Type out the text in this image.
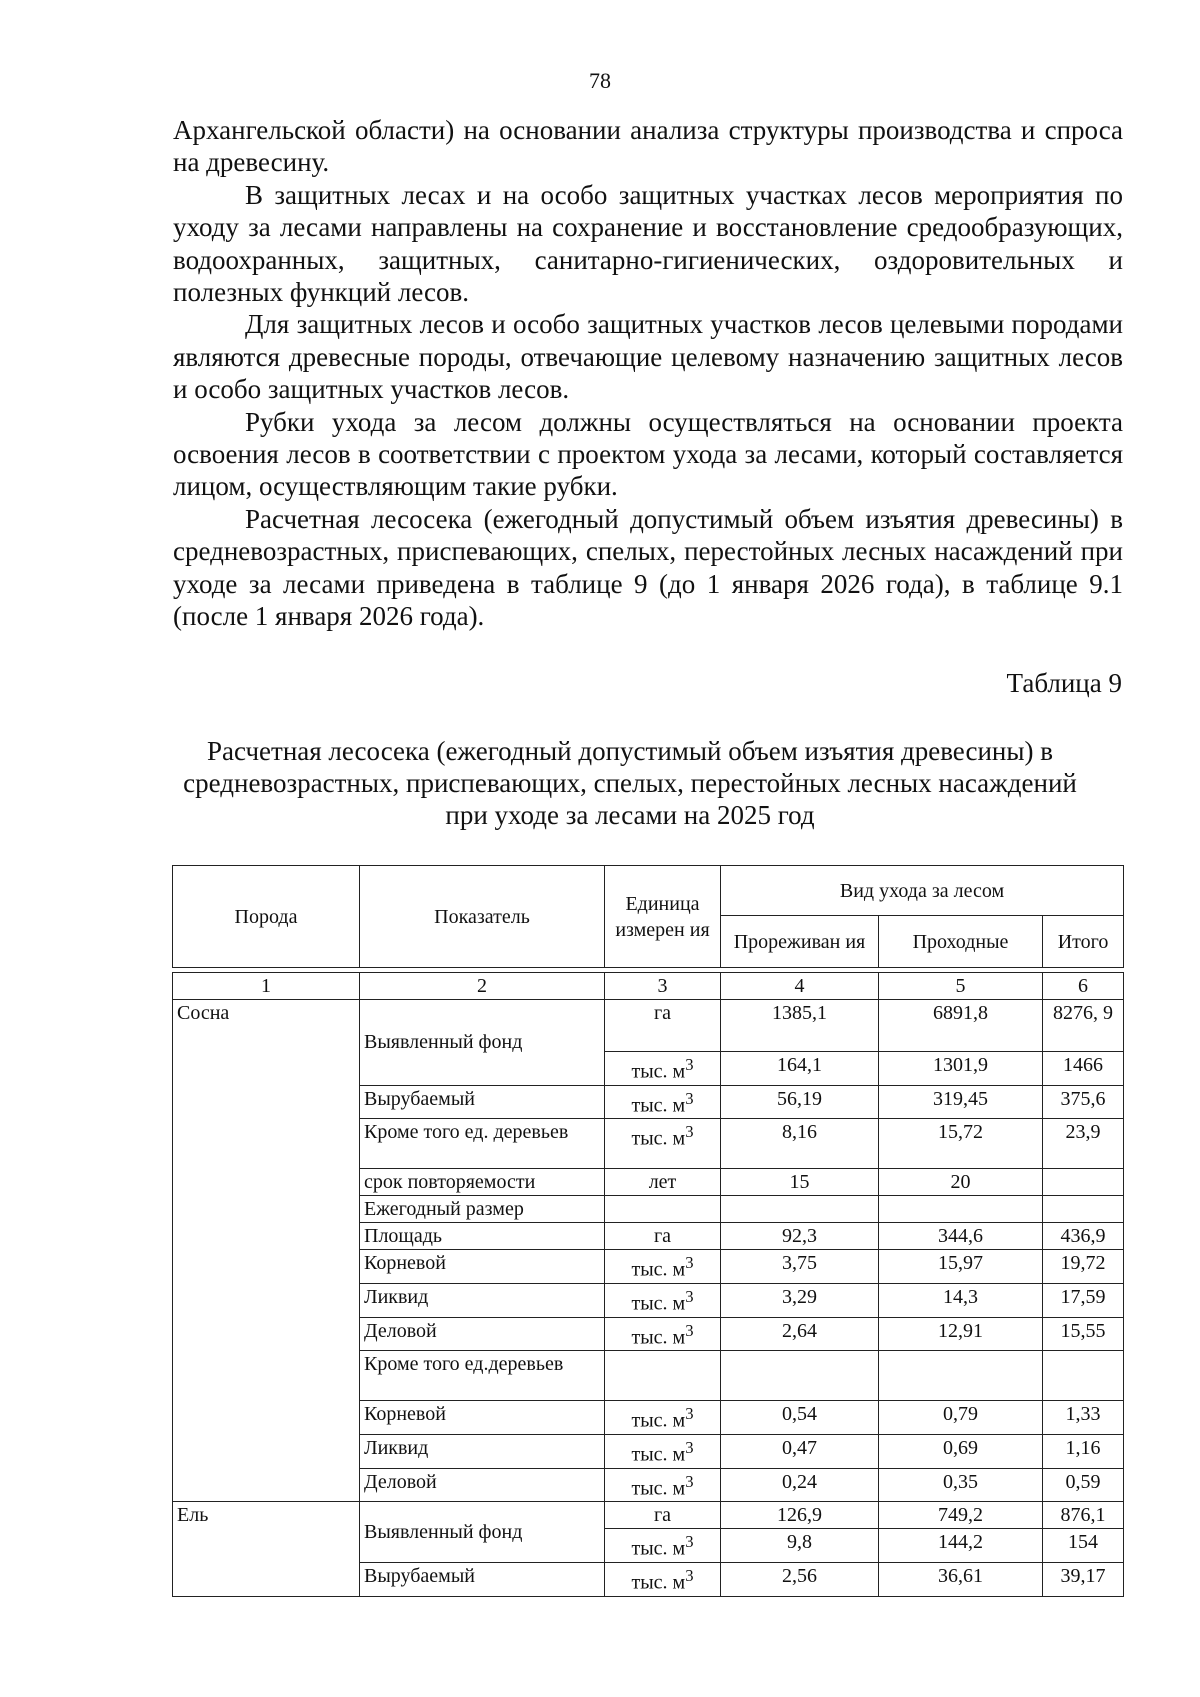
78

Архангельской области) на основании анализа структуры производства и спроса на древесину.

В защитных лесах и на особо защитных участках лесов мероприятия по уходу за лесами направлены на сохранение и восстановление средообразующих, водоохранных, защитных, санитарно-гигиенических, оздоровительных и полезных функций лесов.

Для защитных лесов и особо защитных участков лесов целевыми породами являются древесные породы, отвечающие целевому назначению защитных лесов и особо защитных участков лесов.

Рубки ухода за лесом должны осуществляться на основании проекта освоения лесов в соответствии с проектом ухода за лесами, который составляется лицом, осуществляющим такие рубки.

Расчетная лесосека (ежегодный допустимый объем изъятия древесины) в средневозрастных, приспевающих, спелых, перестойных лесных насаждений при уходе за лесами приведена в таблице 9 (до 1 января 2026 года), в таблице 9.1 (после 1 января 2026 года).

Таблица 9
Расчетная лесосека (ежегодный допустимый объем изъятия древесины) в
средневозрастных, приспевающих, спелых, перестойных лесных насаждений
при уходе за лесами на 2025 год
Порода	Показатель	Единица измерен ия	Вид ухода за лесом		
			Прореживан ия	Проходные	Итого

1	2	3	4	5	6
Сосна	Выявленный фонд	га	1385,1	6891,8	8276, 9
		тыс. $м^3$	164,1	1301,9	1466
	Вырубаемый	тыс. $м^3$	56,19	319,45	375,6
	Кроме того ед. деревьев	тыс. $м^3$	8,16	15,72	23,9
	срок повторяемости	лет	15	20	
	Ежегодный размер				
	Площадь	га	92,3	344,6	436,9
	Корневой	тыс. $м^3$	3,75	15,97	19,72
	Ликвид	тыс. $м^3$	3,29	14,3	17,59
	Деловой	тыс. $м^3$	2,64	12,91	15,55
	Кроме того ед.деревьев				
	Корневой	тыс. $м^3$	0,54	0,79	1,33
	Ликвид	тыс. $м^3$	0,47	0,69	1,16
	Деловой	тыс. $м^3$	0,24	0,35	0,59
Ель	Выявленный фонд	га	126,9	749,2	876,1
		тыс. $м^3$	9,8	144,2	154
	Вырубаемый	тыс. $м^3$	2,56	36,61	39,17
